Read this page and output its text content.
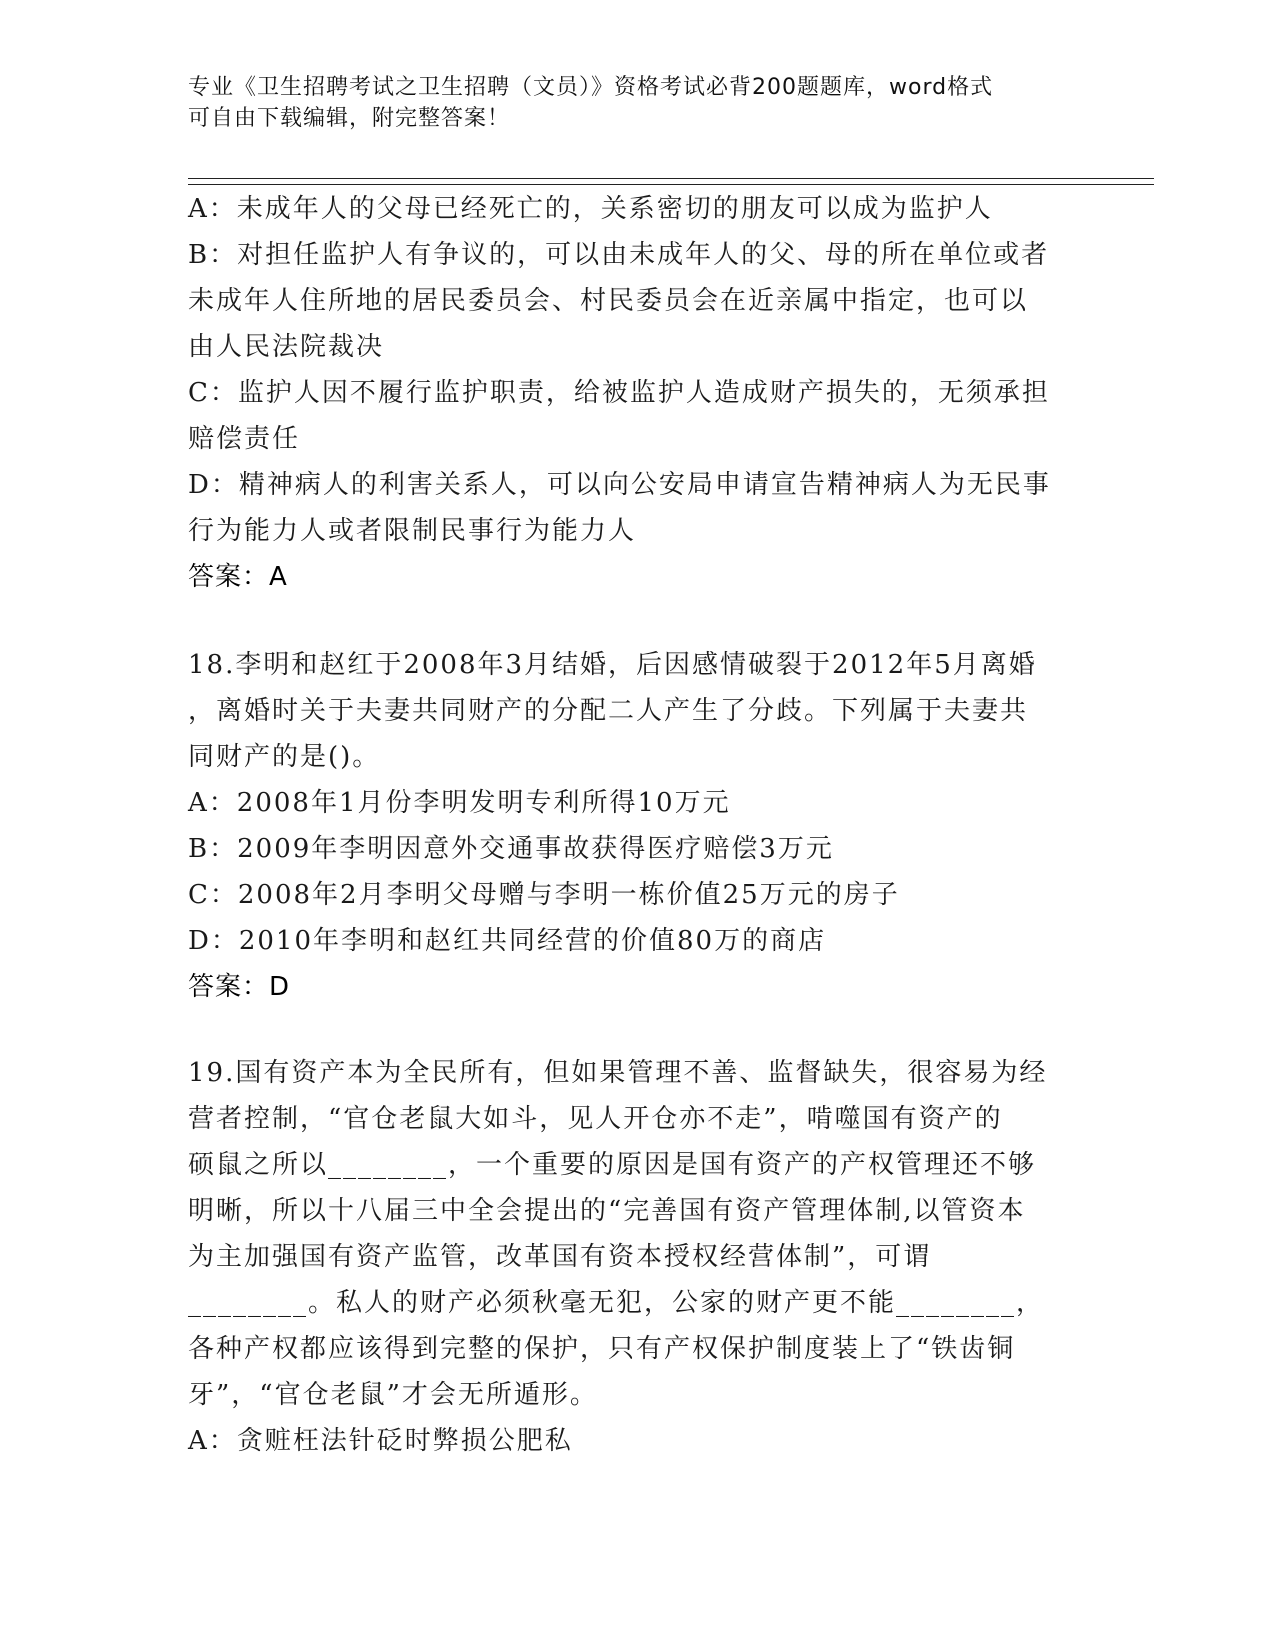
专业《卫生招聘考试之卫生招聘（文员）》资格考试必背200题题库，word格式
可自由下载编辑，附完整答案！
A：未成年人的父母已经死亡的，关系密切的朋友可以成为监护人
B：对担任监护人有争议的，可以由未成年人的父、母的所在单位或者
未成年人住所地的居民委员会、村民委员会在近亲属中指定，也可以
由人民法院裁决
C：监护人因不履行监护职责，给被监护人造成财产损失的，无须承担
赔偿责任
D：精神病人的利害关系人，可以向公安局申请宣告精神病人为无民事
行为能力人或者限制民事行为能力人
答案：A
18.李明和赵红于2008年3月结婚，后因感情破裂于2012年5月离婚
，离婚时关于夫妻共同财产的分配二人产生了分歧。下列属于夫妻共
同财产的是()。
A：2008年1月份李明发明专利所得10万元
B：2009年李明因意外交通事故获得医疗赔偿3万元
C：2008年2月李明父母赠与李明一栋价值25万元的房子
D：2010年李明和赵红共同经营的价值80万的商店
答案：D
19.国有资产本为全民所有，但如果管理不善、监督缺失，很容易为经
营者控制，“官仓老鼠大如斗，见人开仓亦不走”，啃噬国有资产的
硕鼠之所以________，一个重要的原因是国有资产的产权管理还不够
明晰，所以十八届三中全会提出的“完善国有资产管理体制,以管资本
为主加强国有资产监管，改革国有资本授权经营体制”，可谓
________。私人的财产必须秋毫无犯，公家的财产更不能________，
各种产权都应该得到完整的保护，只有产权保护制度装上了“铁齿铜
牙”，“官仓老鼠”才会无所遁形。
A：贪赃枉法针砭时弊损公肥私
